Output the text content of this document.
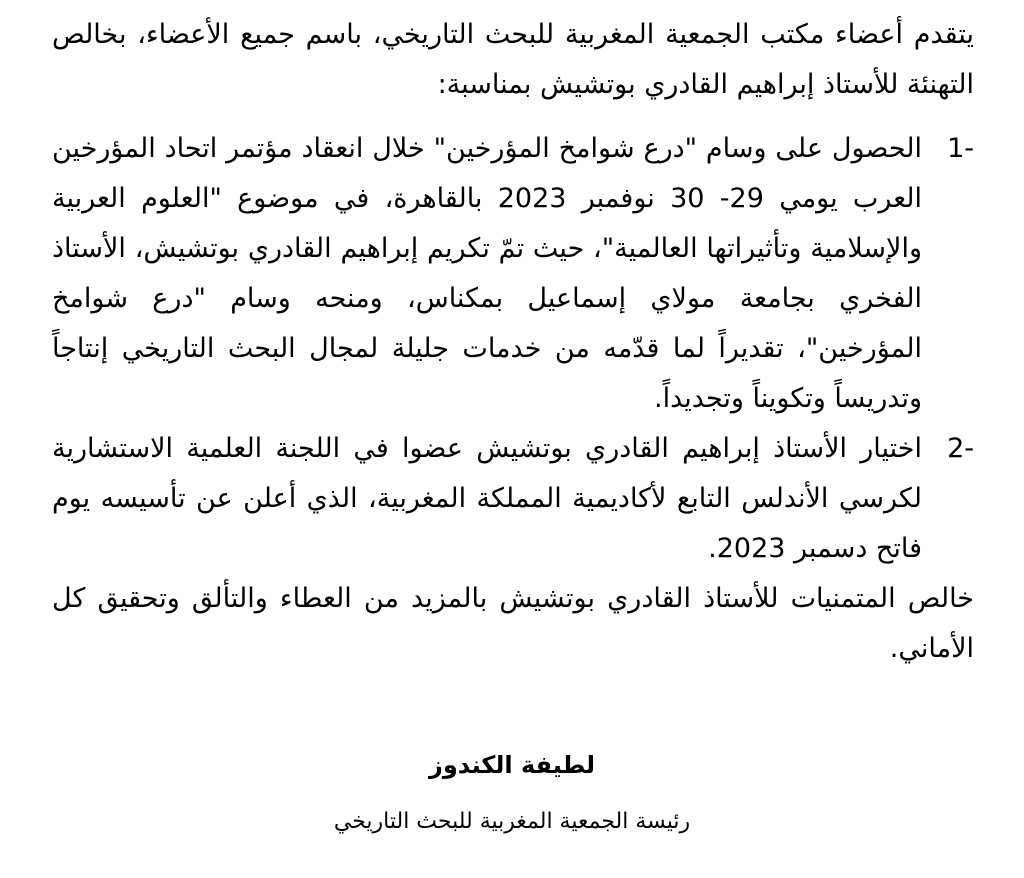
يتقدم أعضاء مكتب الجمعية المغربية للبحث التاريخي، باسم جميع الأعضاء، بخالص التهنئة للأستاذ إبراهيم القادري بوتشيش بمناسبة:

-1
الحصول على وسام "درع شوامخ المؤرخين" خلال انعقاد مؤتمر اتحاد المؤرخين العرب يومي 29- 30 نوفمبر 2023 بالقاهرة، في موضوع "العلوم العربية والإسلامية وتأثيراتها العالمية"، حيث تمّ تكريم إبراهيم القادري بوتشيش، الأستاذ الفخري بجامعة مولاي إسماعيل بمكناس، ومنحه وسام "درع شوامخ المؤرخين"، تقديراً لما قدّمه من خدمات جليلة لمجال البحث التاريخي إنتاجاً وتدريساً وتكويناً وتجديداً.
-2
اختيار الأستاذ إبراهيم القادري بوتشيش عضوا في اللجنة العلمية الاستشارية لكرسي الأندلس التابع لأكاديمية المملكة المغربية، الذي أعلن عن تأسيسه يوم فاتح دسمبر 2023.

خالص المتمنيات للأستاذ القادري بوتشيش بالمزيد من العطاء والتألق وتحقيق كل الأماني.

لطيفة الكندوز

رئيسة الجمعية المغربية للبحث التاريخي
